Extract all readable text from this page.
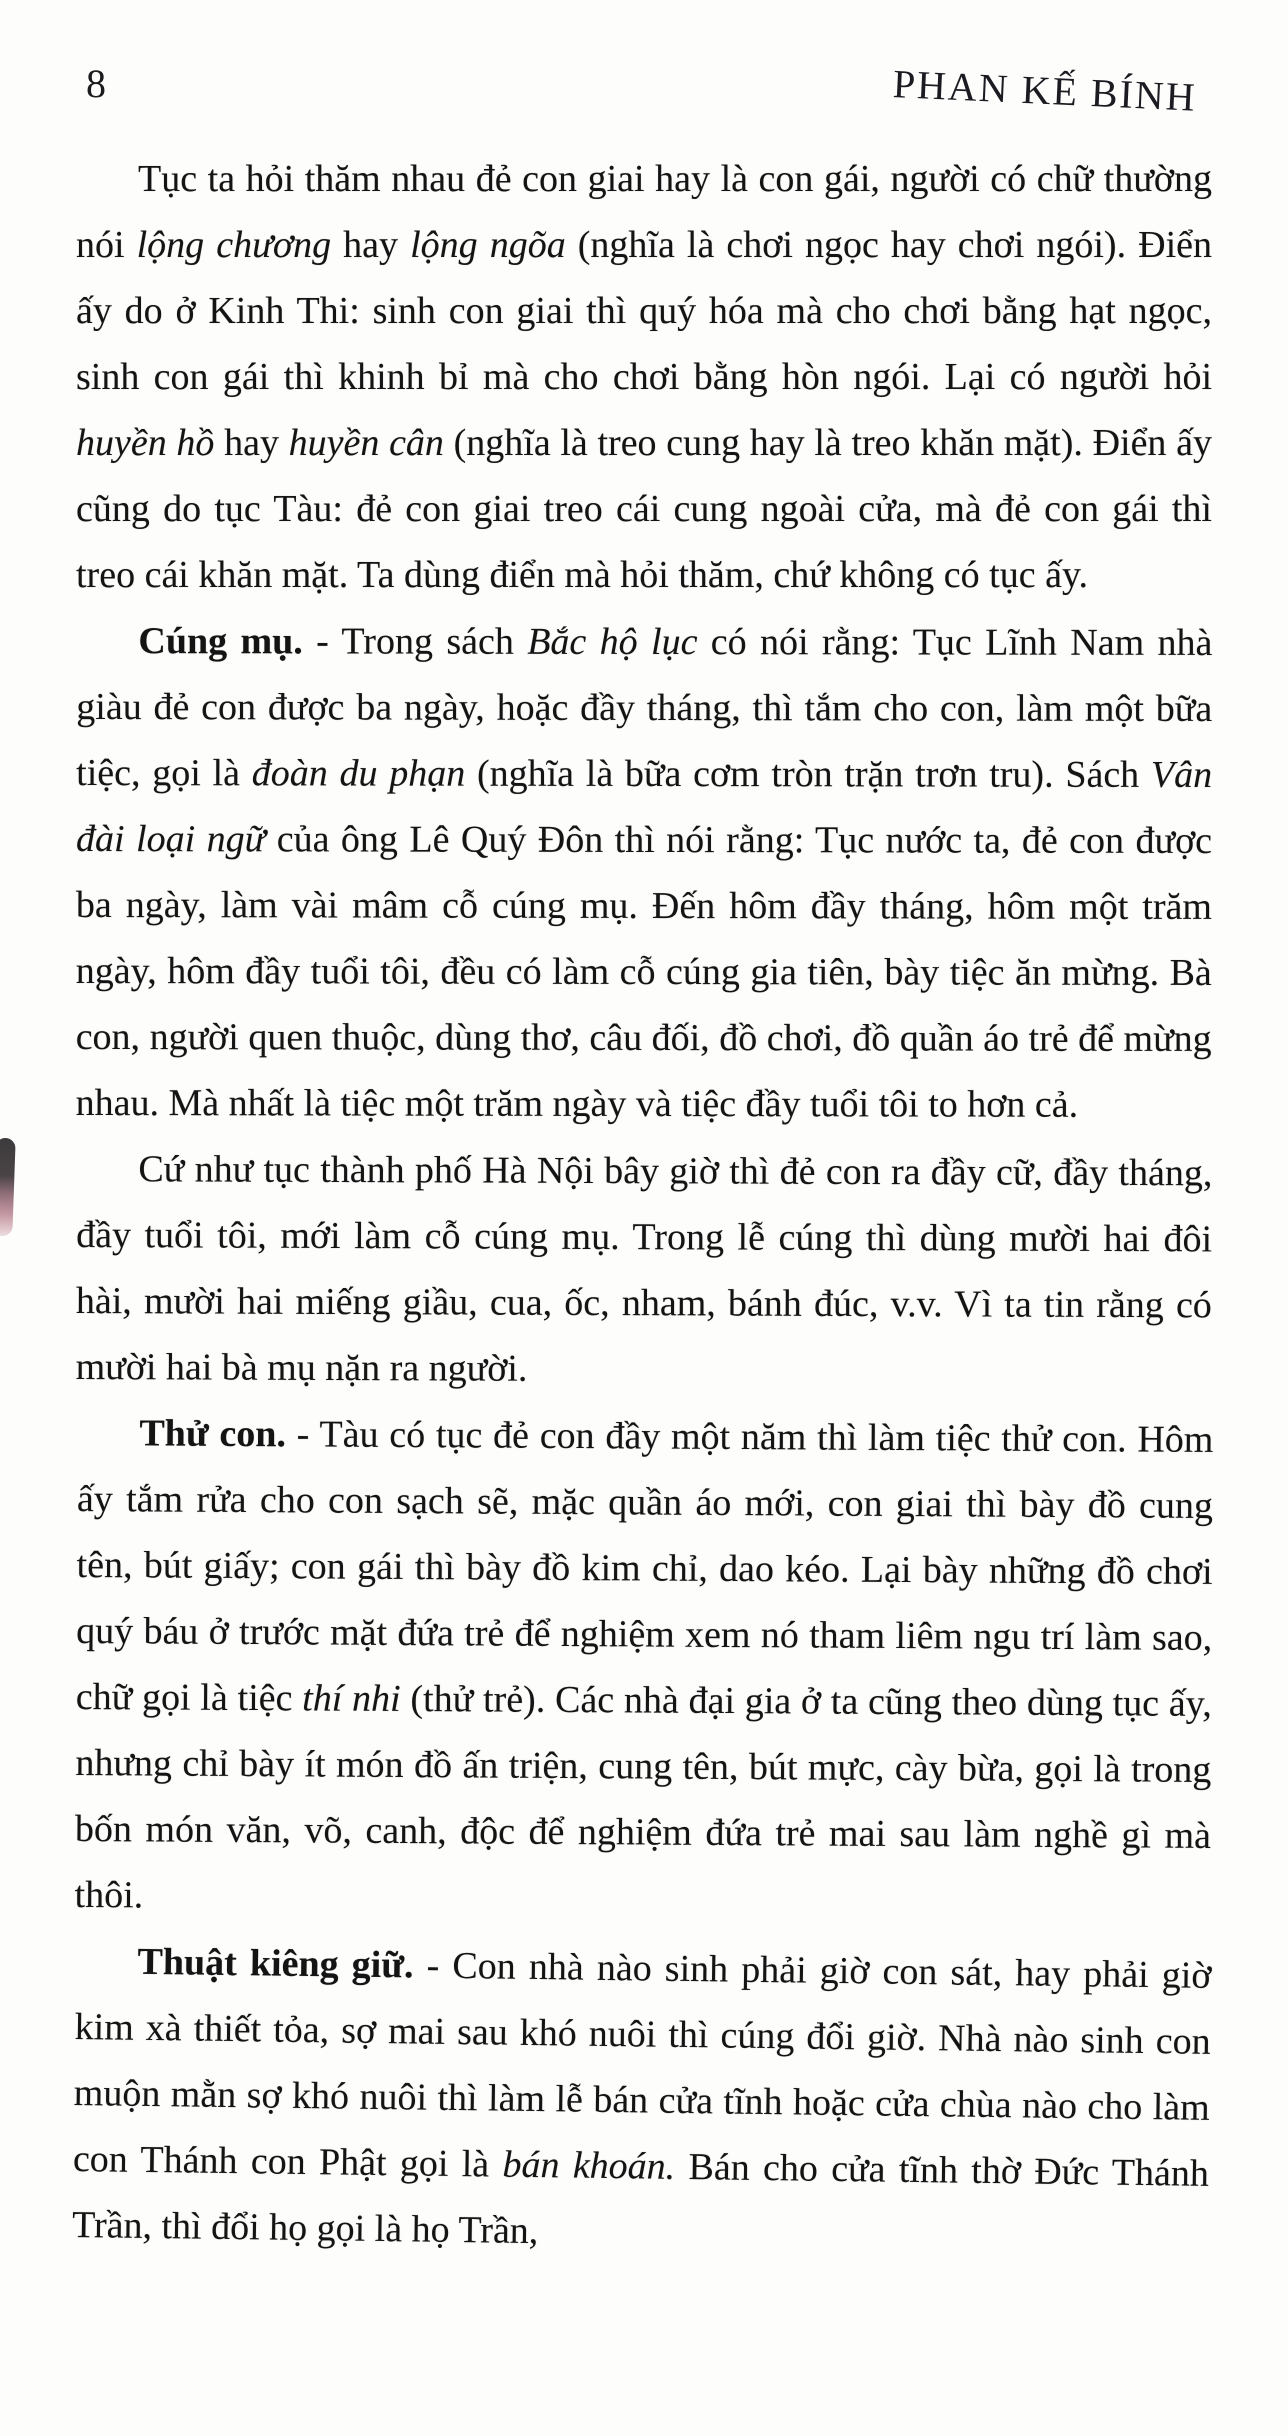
8	PHAN KẾ BÍNH

Tục ta hỏi thăm nhau đẻ con giai hay là con gái, người có chữ thường nói lộng chương hay lộng ngõa (nghĩa là chơi ngọc hay chơi ngói). Điển ấy do ở Kinh Thi: sinh con giai thì quý hóa mà cho chơi bằng hạt ngọc, sinh con gái thì khinh bỉ mà cho chơi bằng hòn ngói. Lại có người hỏi huyền hồ hay huyền cân (nghĩa là treo cung hay là treo khăn mặt). Điển ấy cũng do tục Tàu: đẻ con giai treo cái cung ngoài cửa, mà đẻ con gái thì treo cái khăn mặt. Ta dùng điển mà hỏi thăm, chứ không có tục ấy.

Cúng mụ. - Trong sách Bắc hộ lục có nói rằng: Tục Lĩnh Nam nhà giàu đẻ con được ba ngày, hoặc đầy tháng, thì tắm cho con, làm một bữa tiệc, gọi là đoàn du phạn (nghĩa là bữa cơm tròn trặn trơn tru). Sách Vân đài loại ngữ của ông Lê Quý Đôn thì nói rằng: Tục nước ta, đẻ con được ba ngày, làm vài mâm cỗ cúng mụ. Đến hôm đầy tháng, hôm một trăm ngày, hôm đầy tuổi tôi, đều có làm cỗ cúng gia tiên, bày tiệc ăn mừng. Bà con, người quen thuộc, dùng thơ, câu đối, đồ chơi, đồ quần áo trẻ để mừng nhau. Mà nhất là tiệc một trăm ngày và tiệc đầy tuổi tôi to hơn cả.

Cứ như tục thành phố Hà Nội bây giờ thì đẻ con ra đầy cữ, đầy tháng, đầy tuổi tôi, mới làm cỗ cúng mụ. Trong lễ cúng thì dùng mười hai đôi hài, mười hai miếng giầu, cua, ốc, nham, bánh đúc, v.v. Vì ta tin rằng có mười hai bà mụ nặn ra người.

Thử con. - Tàu có tục đẻ con đầy một năm thì làm tiệc thử con. Hôm ấy tắm rửa cho con sạch sẽ, mặc quần áo mới, con giai thì bày đồ cung tên, bút giấy; con gái thì bày đồ kim chỉ, dao kéo. Lại bày những đồ chơi quý báu ở trước mặt đứa trẻ để nghiệm xem nó tham liêm ngu trí làm sao, chữ gọi là tiệc thí nhi (thử trẻ). Các nhà đại gia ở ta cũng theo dùng tục ấy, nhưng chỉ bày ít món đồ ấn triện, cung tên, bút mực, cày bừa, gọi là trong bốn món văn, võ, canh, độc để nghiệm đứa trẻ mai sau làm nghề gì mà thôi.

Thuật kiêng giữ. - Con nhà nào sinh phải giờ con sát, hay phải giờ kim xà thiết tỏa, sợ mai sau khó nuôi thì cúng đổi giờ. Nhà nào sinh con muộn mằn sợ khó nuôi thì làm lễ bán cửa tĩnh hoặc cửa chùa nào cho làm con Thánh con Phật gọi là bán khoán. Bán cho cửa tĩnh thờ Đức Thánh Trần, thì đổi họ gọi là họ Trần,
